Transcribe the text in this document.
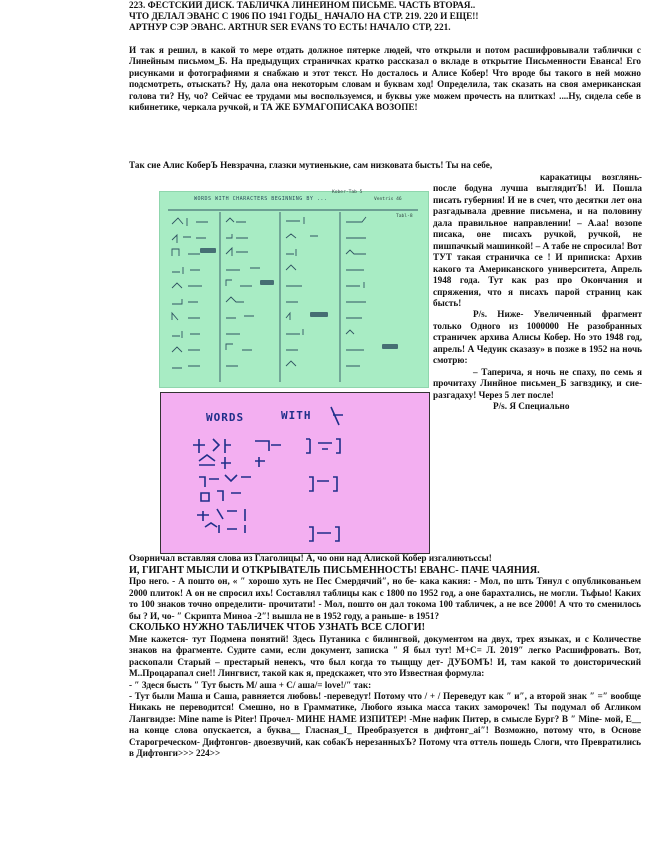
223. ФЕСТСКИЙ ДИСК. ТАБЛИЧКА ЛИНЕЙНОМ ПИСЬМЕ. ЧАСТЬ ВТОРАЯ..
ЧТО ДЕЛАЛ ЭВАНС С 1906 ПО 1941 ГОДЫ_ НАЧАЛО НА СТР. 219. 220 И ЕЩЕ!!
АРТНУР СЭР ЭВАНС. ARTHUR SER EVANS ТО ЕСТЬ! НАЧАЛО СТР, 221.

И так я решил, в какой то мере отдать должное пятерке людей, что открыли и потом расшифровывали таблички с Линейным письмом_Б. На предыдущих страничках кратко рассказал о вкладе в открытие Письменности Еванса! Его рисунками и фотографиями я снабжаю и этот текст. Но досталось и Алисе Кобер! Что вроде бы такого в ней можно подсмотреть, отыскать? Ну, дала она некоторым словам и буквам ход! Определила, так сказать на своя американская голова ти? Ну, чо? Сейчас ее трудами мы воспользуемся, и буквы уже можем прочесть на плитках! ....Ну, сидела себе в кибинетике, черкала ручкой, и ТА ЖЕ БУМАГОПИСАКА ВОЗОПЕ!

Так сие Алис КоберЪ Невзрачна, глазки мутиенькие, сам низковата бысть! Ты на себе,

каракатицы возглянь- после бодуна лучша выглядитЪ! И. Пошла писать губерния! И не в счет, что десятки лет она разгадывала древние письмена, и на половину дала правильное направлении! – А.аа! возопе писака, оне писахъ ручкой, ручкой, не пишпачкый машинкой! – А табе не спросила! Вот ТУТ такая страничка се ! И приписка: Архив какого та Американского университета, Апрель 1948 года. Тут как раз про Окончания и спряжения, что я писахъ парой страниц как бысть!

P/s. Ниже- Увеличенный фрагмент только Одного из 1000000 Не разобранных страничек архива Алисы Кобер. Но это 1948 год, апрель! А Чедуик сказазу» в позже в 1952 на ночь смотрю:

– Таперича, я ночь не спаху, по семь я прочитаху Линйное письмен_Б загвздику, и сие- разгадаху! Через 5 лет после!

P/s. Я Специально

WORDS WITH CHARACTERS BEGINNING BY ...
Kober-Tab 5
Ventris 46
Tabl-8
WORDS	WITH
Озорничал вставляя слова из Глаголицы! А, чо они над Алиской Кобер изгалиютьссы!

И, ГИГАНТ МЫСЛИ И ОТКРЫВАТЕЛЬ ПИСЬМЕННОСТЬ! ЕВАНС- ПАЧЕ ЧАЯНИЯ.

Про него. - А пошто он, « ″ хорошо хуть не Пес Смердячий″, но бе- кака какия: - Мол, по шть Тянул с опубликованьем 2000 плиток! А он не спросил ихь! Составлял таблицы как с 1800 по 1952 год, а оне барахтались, не могли. Тьфыо! Каких то 100 знаков точно определити- прочитати! - Мол, пошто он дал токома 100 табличек, а не все 2000! А что то сменилось бы ? И, чо- ″ Скрипта Миноа -2″! вышла не в 1952 году, а раньше- в 1951?

СКОЛЬКО НУЖНО ТАБЛИЧЕК ЧТОБ УЗНАТЬ ВСЕ СЛОГИ!

Мне кажется- тут Подмена понятий! Здесь Путаника с билингвой, документом на двух, трех языках, и с Количестве знаков на фрагменте. Судите сами, если документ, записка ″ Я был тут! М+С= Л. 2019″ легко Расшифровать. Вот, раскопали Старый – престарый ненекъ, что был когда то тыщщу дет- ДУБОМЪ! И, там какой то доисторический М..Процарапал сие!! Лингвист, такой как я, предскажет, что это Известная формула:

- ″ Здеся бысть ″ Тут бысть М/ аша + С/ аша/= love!/″ так:

- Тут были Маша и Саша, равняется любовь! -переведут! Потому что / + / Переведут как ″ и″, а второй знак ″ =″ вообще Никакь не переводится! Смешно, но в Грамматике, Любого языка масса таких заморочек! Ты подумал об Агликом Лангвидзе: Mine name is Piter! Прочел- МИНЕ НАМЕ ИЗПИТЕР! -Мне нафик Питер, в смысле Бург? В ″ Mine- мой, Е__ на конце слова опускается, а буква__ Гласная_I_ Преобразуется в дифтонг_ai″! Возможно, потому что, в Основе Старогреческом- Дифтонгов- двоезвучий, как собакЪ нерезанныхЪ? Потому чта оттель пошедь Слоги, что Превратились в Дифтонги>>> 224>>
